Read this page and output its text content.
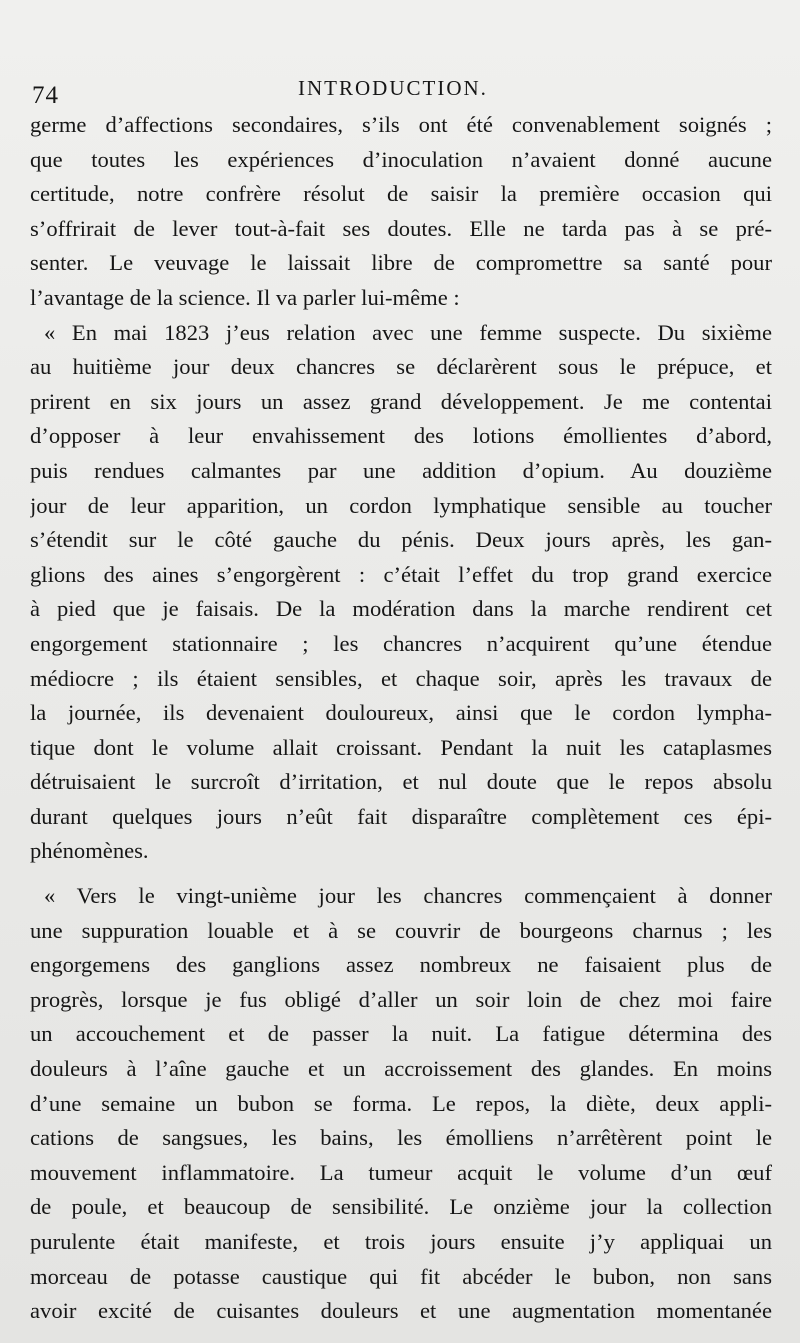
74	INTRODUCTION.
germe d’affections secondaires, s’ils ont été convenablement soignés ;
que toutes les expériences d’inoculation n’avaient donné aucune
certitude, notre confrère résolut de saisir la première occasion qui
s’offrirait de lever tout-à-fait ses doutes. Elle ne tarda pas à se pré-
senter. Le veuvage le laissait libre de compromettre sa santé pour
l’avantage de la science. Il va parler lui-même :
« En mai 1823 j’eus relation avec une femme suspecte. Du sixième
au huitième jour deux chancres se déclarèrent sous le prépuce, et
prirent en six jours un assez grand développement. Je me contentai
d’opposer à leur envahissement des lotions émollientes d’abord,
puis rendues calmantes par une addition d’opium. Au douzième
jour de leur apparition, un cordon lymphatique sensible au toucher
s’étendit sur le côté gauche du pénis. Deux jours après, les gan-
glions des aines s’engorgèrent : c’était l’effet du trop grand exercice
à pied que je faisais. De la modération dans la marche rendirent cet
engorgement stationnaire ; les chancres n’acquirent qu’une étendue
médiocre ; ils étaient sensibles, et chaque soir, après les travaux de
la journée, ils devenaient douloureux, ainsi que le cordon lympha-
tique dont le volume allait croissant. Pendant la nuit les cataplasmes
détruisaient le surcroît d’irritation, et nul doute que le repos absolu
durant quelques jours n’eût fait disparaître complètement ces épi-
phénomènes.
« Vers le vingt-unième jour les chancres commençaient à donner
une suppuration louable et à se couvrir de bourgeons charnus ; les
engorgemens des ganglions assez nombreux ne faisaient plus de
progrès, lorsque je fus obligé d’aller un soir loin de chez moi faire
un accouchement et de passer la nuit. La fatigue détermina des
douleurs à l’aîne gauche et un accroissement des glandes. En moins
d’une semaine un bubon se forma. Le repos, la diète, deux appli-
cations de sangsues, les bains, les émolliens n’arrêtèrent point le
mouvement inflammatoire. La tumeur acquit le volume d’un œuf
de poule, et beaucoup de sensibilité. Le onzième jour la collection
purulente était manifeste, et trois jours ensuite j’y appliquai un
morceau de potasse caustique qui fit abcéder le bubon, non sans
avoir excité de cuisantes douleurs et une augmentation momentanée
